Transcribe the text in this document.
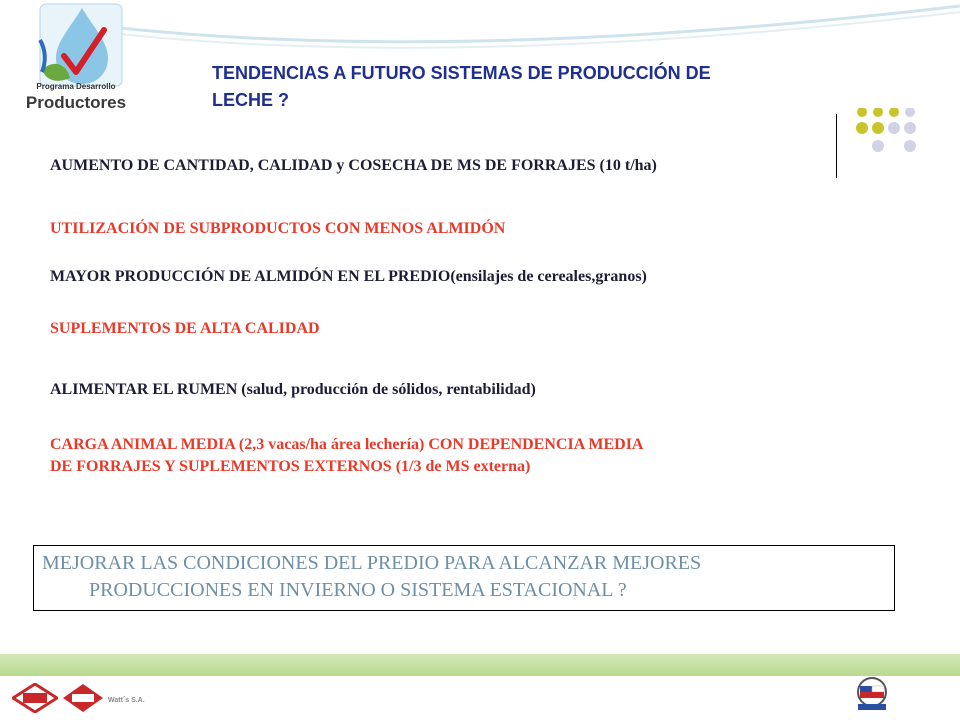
Programa Desarrollo
Productores
TENDENCIAS A FUTURO SISTEMAS DE PRODUCCIÓN DE
LECHE ?
AUMENTO DE CANTIDAD, CALIDAD y COSECHA DE MS DE FORRAJES (10 t/ha)
UTILIZACIÓN DE SUBPRODUCTOS CON MENOS ALMIDÓN
MAYOR PRODUCCIÓN DE ALMIDÓN EN EL PREDIO(ensilajes de cereales,granos)
SUPLEMENTOS DE ALTA CALIDAD
ALIMENTAR EL RUMEN (salud, producción de sólidos, rentabilidad)
CARGA ANIMAL MEDIA (2,3 vacas/ha área lechería) CON DEPENDENCIA MEDIA
DE FORRAJES Y SUPLEMENTOS EXTERNOS (1/3 de MS externa)
MEJORAR LAS CONDICIONES DEL PREDIO PARA ALCANZAR MEJORES
PRODUCCIONES EN INVIERNO O SISTEMA ESTACIONAL ?
Watt´s S.A.
